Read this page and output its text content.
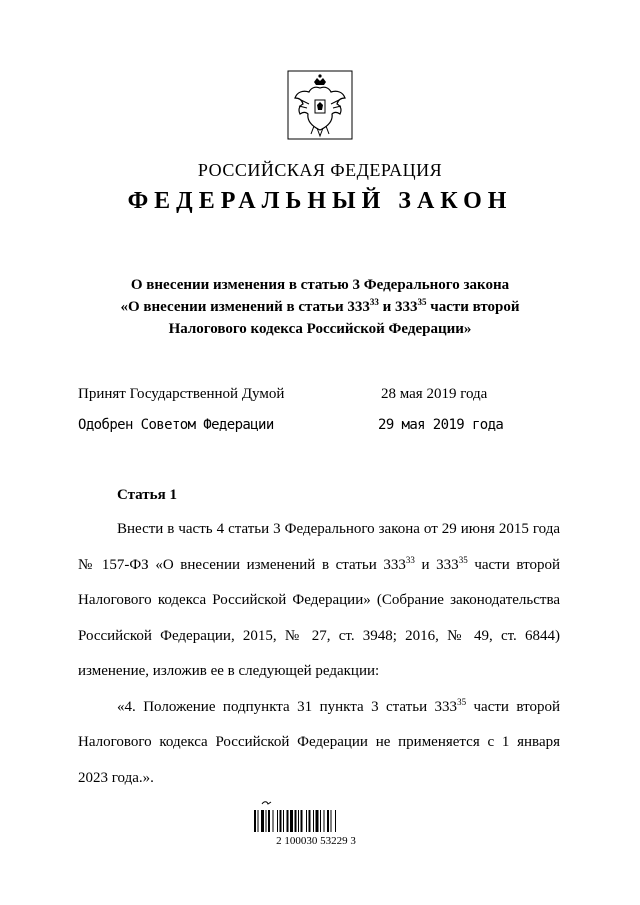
РОССИЙСКАЯ ФЕДЕРАЦИЯ
ФЕДЕРАЛЬНЫЙ ЗАКОН
О внесении изменения в статью 3 Федерального закона
«О внесении изменений в статьи $333^{33}$ и $333^{35}$ части второй
Налогового кодекса Российской Федерации»
Принят Государственной Думой	28 мая 2019 года
Одобрен Советом Федерации	29 мая 2019 года
Статья 1

Внести в часть 4 статьи 3 Федерального закона от 29 июня 2015 года № 157-ФЗ «О внесении изменений в статьи $333^{33}$ и $333^{35}$ части второй Налогового кодекса Российской Федерации» (Собрание законодательства Российской Федерации, 2015, № 27, ст. 3948; 2016, № 49, ст. 6844) изменение, изложив ее в следующей редакции:

«4. Положение подпункта 31 пункта 3 статьи $333^{35}$ части второй Налогового кодекса Российской Федерации не применяется с 1 января 2023 года.».

2 100030 53229 3
